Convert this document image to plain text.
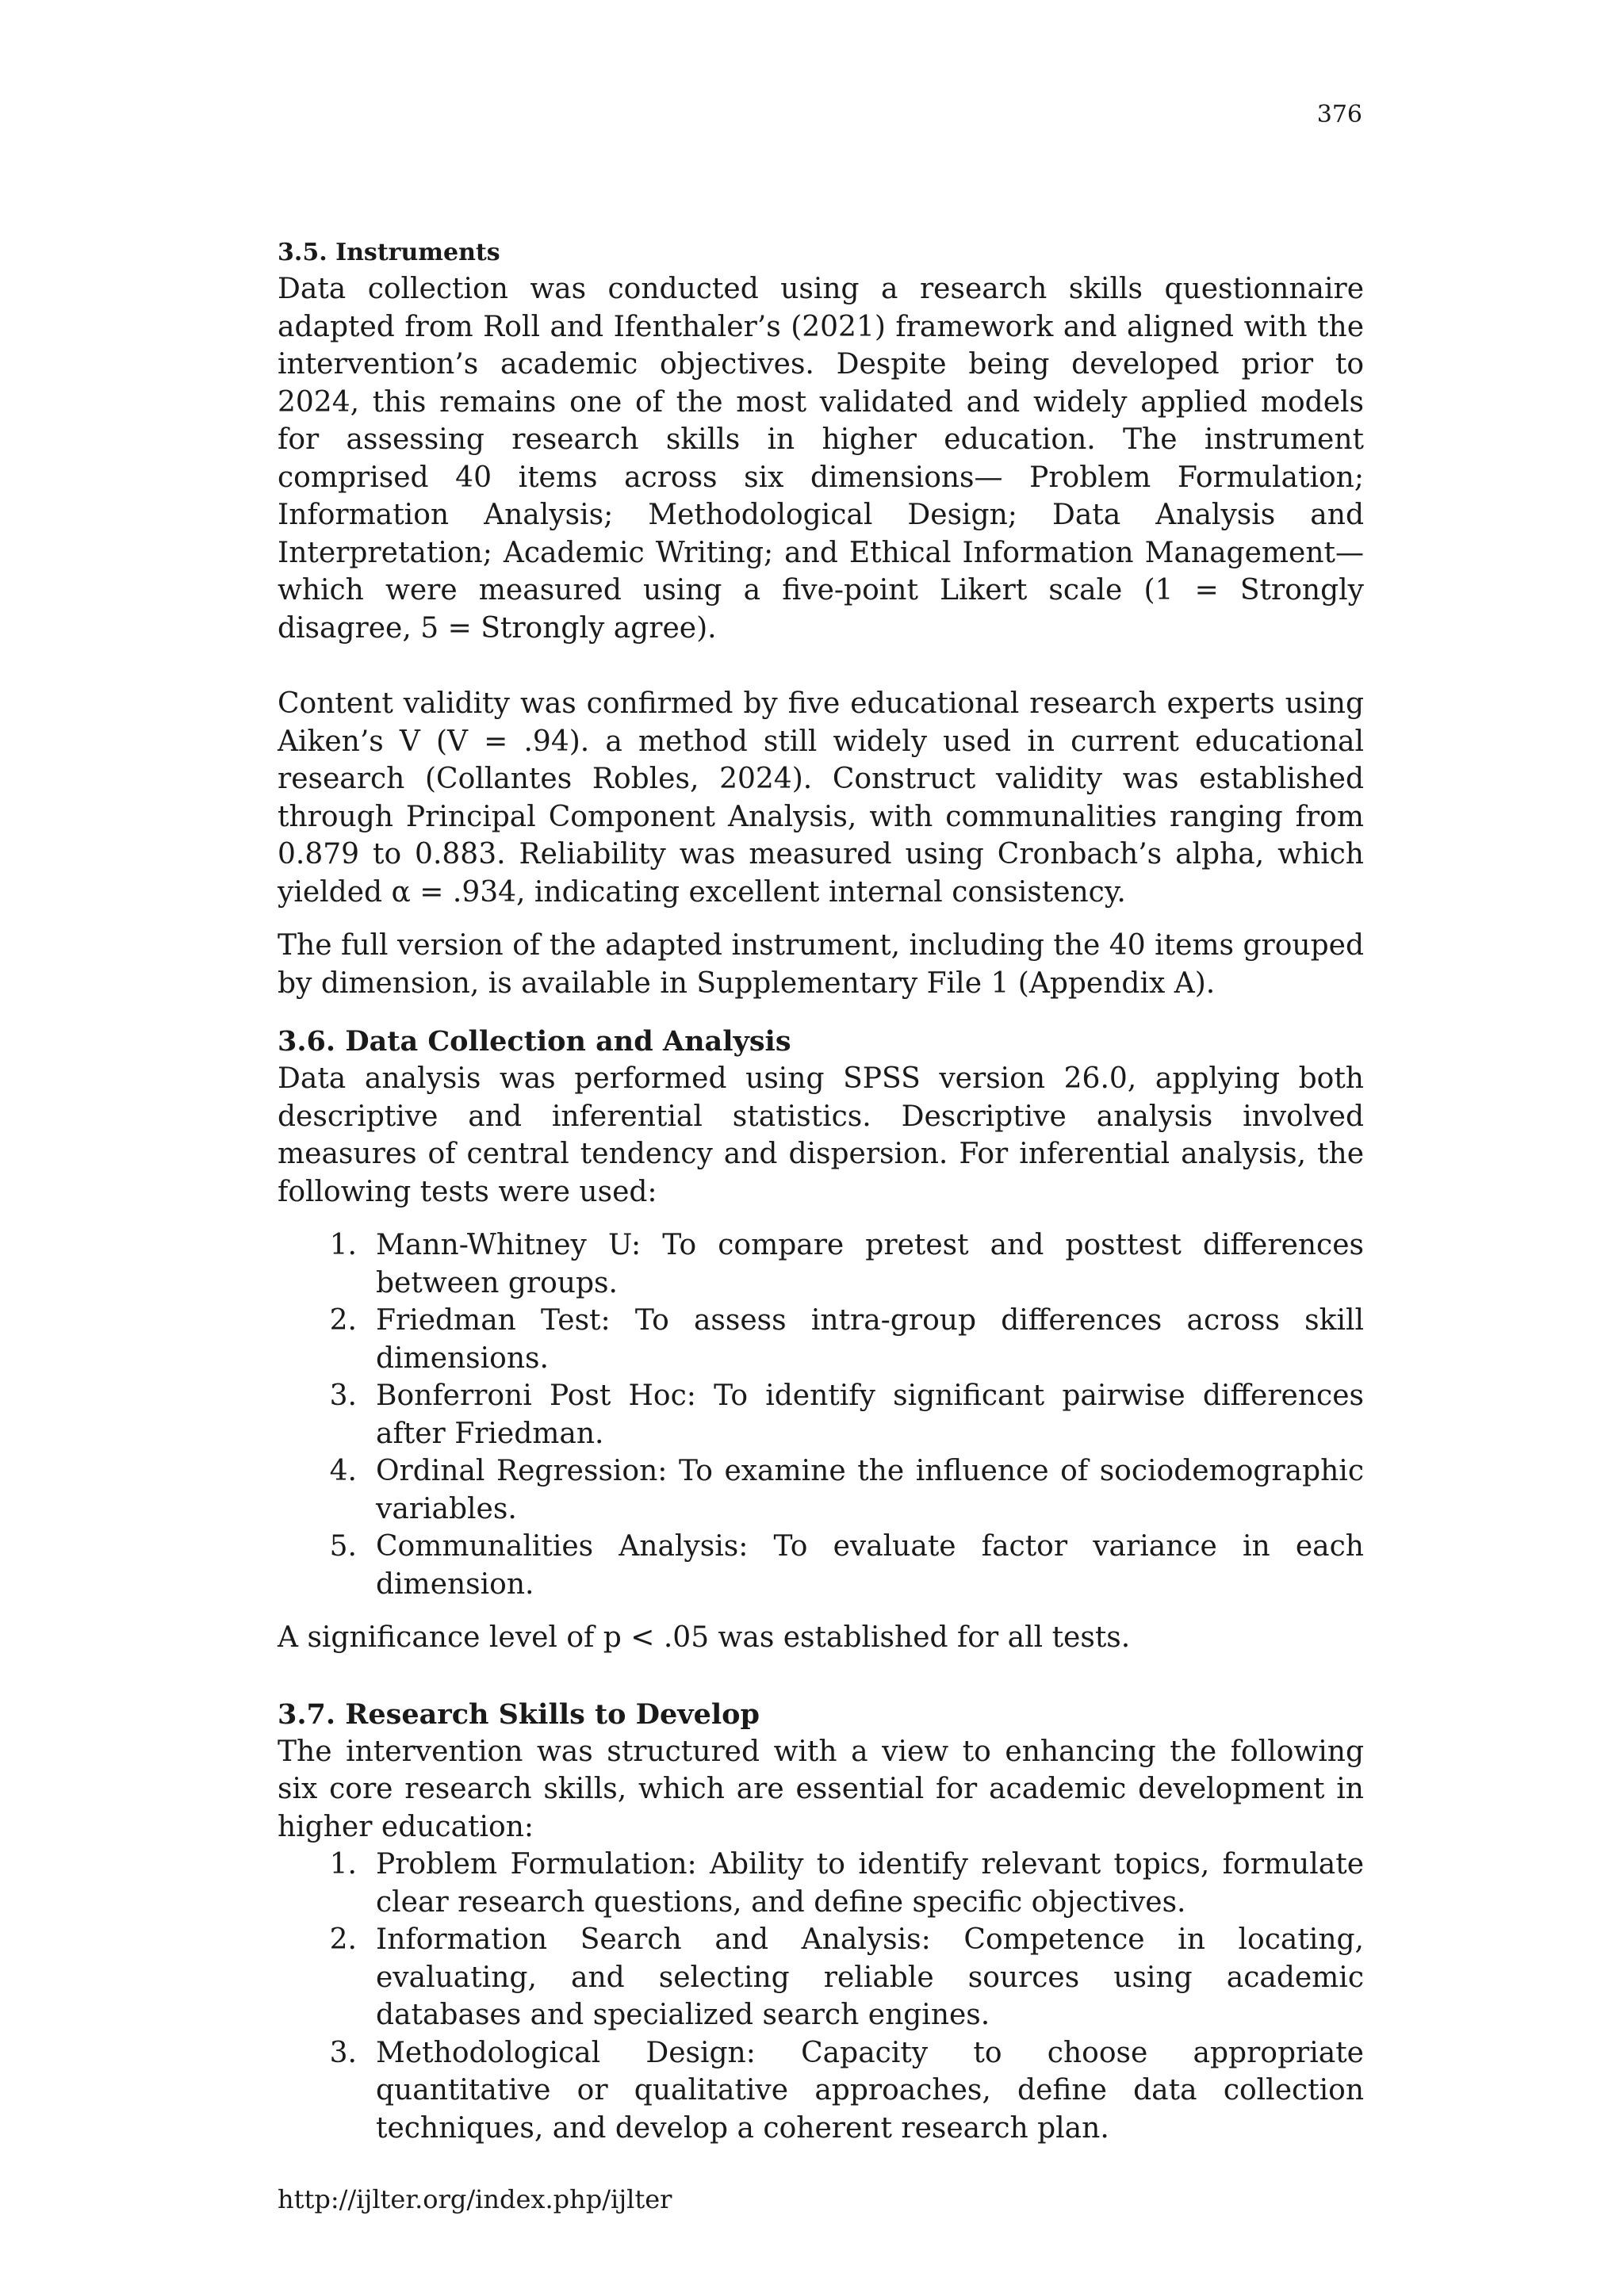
376
3.5. Instruments

Data collection was conducted using a research skills questionnaire adapted from Roll and Ifenthaler’s (2021) framework and aligned with the intervention’s academic objectives. Despite being developed prior to 2024, this remains one of the most validated and widely applied models for assessing research skills in higher education. The instrument comprised 40 items across six dimensions— Problem Formulation; Information Analysis; Methodological Design; Data Analysis and Interpretation; Academic Writing; and Ethical Information Management— which were measured using a five-point Likert scale (1 = Strongly disagree, 5 = Strongly agree).

Content validity was confirmed by five educational research experts using Aiken’s V (V = .94). a method still widely used in current educational research (Collantes Robles, 2024). Construct validity was established through Principal Component Analysis, with communalities ranging from 0.879 to 0.883. Reliability was measured using Cronbach’s alpha, which yielded α = .934, indicating excellent internal consistency.

The full version of the adapted instrument, including the 40 items grouped by dimension, is available in Supplementary File 1 (Appendix A).

3.6. Data Collection and Analysis

Data analysis was performed using SPSS version 26.0, applying both descriptive and inferential statistics. Descriptive analysis involved measures of central tendency and dispersion. For inferential analysis, the following tests were used:

1. Mann-Whitney U: To compare pretest and posttest differences between groups.
2. Friedman Test: To assess intra-group differences across skill dimensions.
3. Bonferroni Post Hoc: To identify significant pairwise differences after Friedman.
4. Ordinal Regression: To examine the influence of sociodemographic variables.
5. Communalities Analysis: To evaluate factor variance in each dimension.

A significance level of p < .05 was established for all tests.

3.7. Research Skills to Develop

The intervention was structured with a view to enhancing the following six core research skills, which are essential for academic development in higher education:

1. Problem Formulation: Ability to identify relevant topics, formulate clear research questions, and define specific objectives.
2. Information Search and Analysis: Competence in locating, evaluating, and selecting reliable sources using academic databases and specialized search engines.
3. Methodological Design: Capacity to choose appropriate quantitative or qualitative approaches, define data collection techniques, and develop a coherent research plan.
http://ijlter.org/index.php/ijlter
